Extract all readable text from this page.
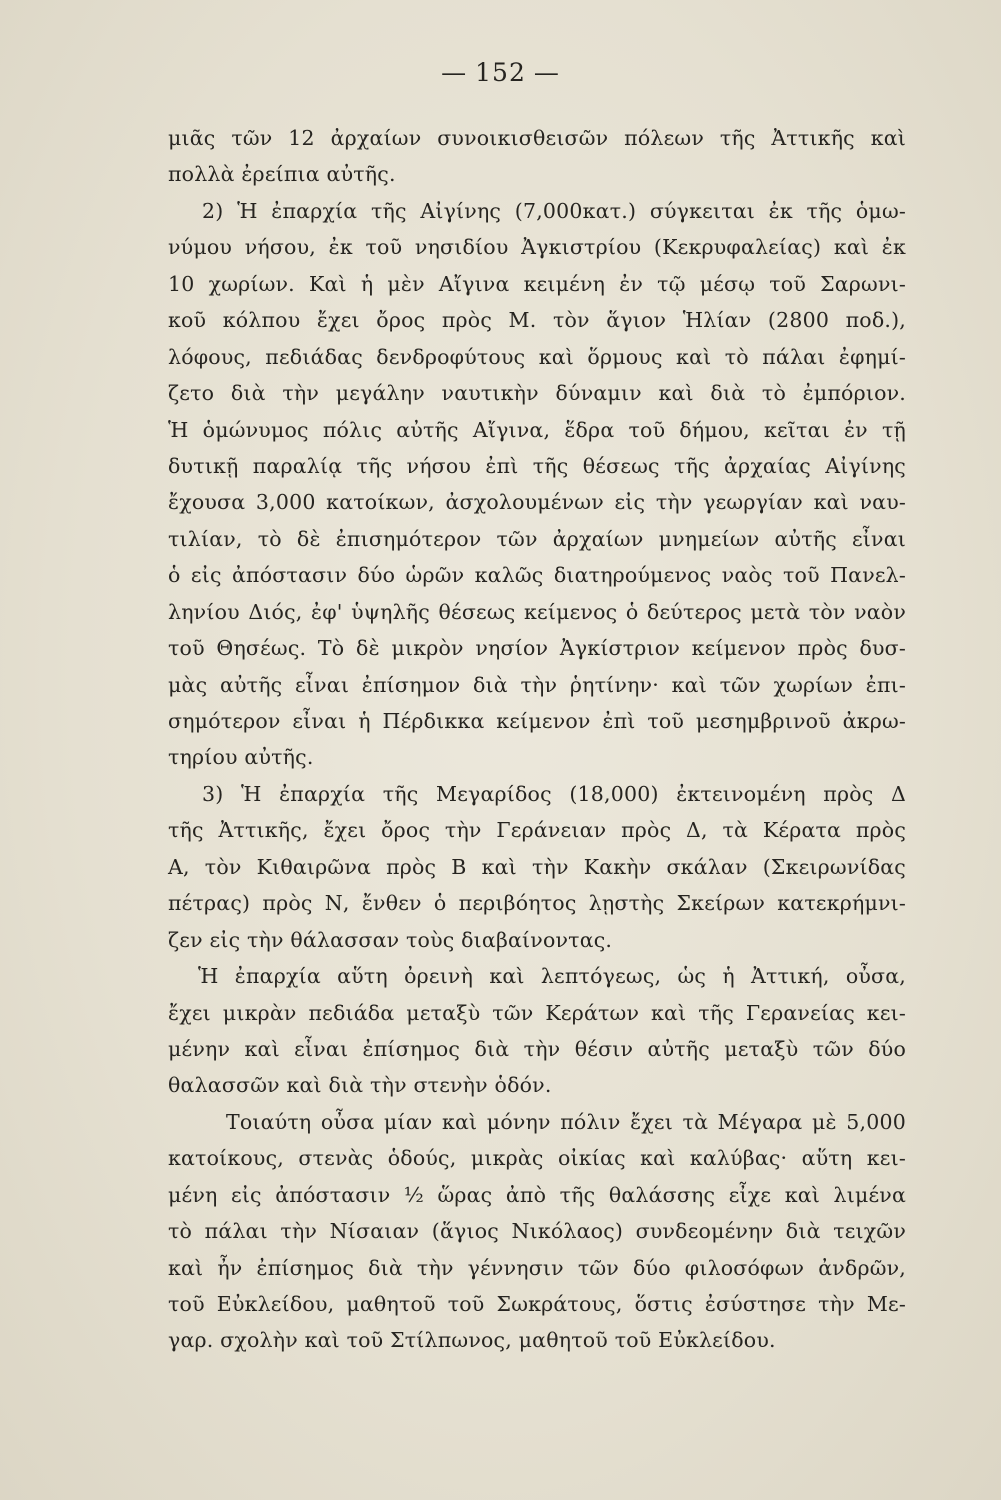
— 152 —
μιᾶς τῶν 12 ἀρχαίων συνοικισθεισῶν πόλεων τῆς Ἀττικῆς καὶ
πολλὰ ἐρείπια αὐτῆς.
2) Ἡ ἐπαρχία τῆς Αἰγίνης (7,000κατ.) σύγκειται ἐκ τῆς ὁμω-
νύμου νήσου, ἐκ τοῦ νησιδίου Ἀγκιστρίου (Κεκρυφαλείας) καὶ ἐκ
10 χωρίων. Καὶ ἡ μὲν Αἴγινα κειμένη ἐν τῷ μέσῳ τοῦ Σαρωνι-
κοῦ κόλπου ἔχει ὄρος πρὸς Μ. τὸν ἅγιον Ἡλίαν (2800 ποδ.),
λόφους, πεδιάδας δενδροφύτους καὶ ὅρμους καὶ τὸ πάλαι ἐφημί-
ζετο διὰ τὴν μεγάλην ναυτικὴν δύναμιν καὶ διὰ τὸ ἐμπόριον.
Ἡ ὁμώνυμος πόλις αὐτῆς Αἴγινα, ἕδρα τοῦ δήμου, κεῖται ἐν τῇ
δυτικῇ παραλίᾳ τῆς νήσου ἐπὶ τῆς θέσεως τῆς ἀρχαίας Αἰγίνης
ἔχουσα 3,000 κατοίκων, ἀσχολουμένων εἰς τὴν γεωργίαν καὶ ναυ-
τιλίαν, τὸ δὲ ἐπισημότερον τῶν ἀρχαίων μνημείων αὐτῆς εἶναι
ὁ εἰς ἀπόστασιν δύο ὡρῶν καλῶς διατηρούμενος ναὸς τοῦ Πανελ-
ληνίου Διός, ἐφ' ὑψηλῆς θέσεως κείμενος ὁ δεύτερος μετὰ τὸν ναὸν
τοῦ Θησέως. Τὸ δὲ μικρὸν νησίον Ἀγκίστριον κείμενον πρὸς δυσ-
μὰς αὐτῆς εἶναι ἐπίσημον διὰ τὴν ῥητίνην· καὶ τῶν χωρίων ἐπι-
σημότερον εἶναι ἡ Πέρδικκα κείμενον ἐπὶ τοῦ μεσημβρινοῦ ἀκρω-
τηρίου αὐτῆς.
3) Ἡ ἐπαρχία τῆς Μεγαρίδος (18,000) ἐκτεινομένη πρὸς Δ
τῆς Ἀττικῆς, ἔχει ὄρος τὴν Γεράνειαν πρὸς Δ, τὰ Κέρατα πρὸς
Α, τὸν Κιθαιρῶνα πρὸς Β καὶ τὴν Κακὴν σκάλαν (Σκειρωνίδας
πέτρας) πρὸς Ν, ἔνθεν ὁ περιβόητος λῃστὴς Σκείρων κατεκρήμνι-
ζεν εἰς τὴν θάλασσαν τοὺς διαβαίνοντας.
Ἡ ἐπαρχία αὕτη ὀρεινὴ καὶ λεπτόγεως, ὡς ἡ Ἀττική, οὖσα,
ἔχει μικρὰν πεδιάδα μεταξὺ τῶν Κεράτων καὶ τῆς Γερανείας κει-
μένην καὶ εἶναι ἐπίσημος διὰ τὴν θέσιν αὐτῆς μεταξὺ τῶν δύο
θαλασσῶν καὶ διὰ τὴν στενὴν ὁδόν.
Τοιαύτη οὖσα μίαν καὶ μόνην πόλιν ἔχει τὰ Μέγαρα μὲ 5,000
κατοίκους, στενὰς ὁδούς, μικρὰς οἰκίας καὶ καλύβας· αὕτη κει-
μένη εἰς ἀπόστασιν ½ ὥρας ἀπὸ τῆς θαλάσσης εἶχε καὶ λιμένα
τὸ πάλαι τὴν Νίσαιαν (ἅγιος Νικόλαος) συνδεομένην διὰ τειχῶν
καὶ ἦν ἐπίσημος διὰ τὴν γέννησιν τῶν δύο φιλοσόφων ἀνδρῶν,
τοῦ Εὐκλείδου, μαθητοῦ τοῦ Σωκράτους, ὅστις ἐσύστησε τὴν Με-
γαρ. σχολὴν καὶ τοῦ Στίλπωνος, μαθητοῦ τοῦ Εὐκλείδου.
